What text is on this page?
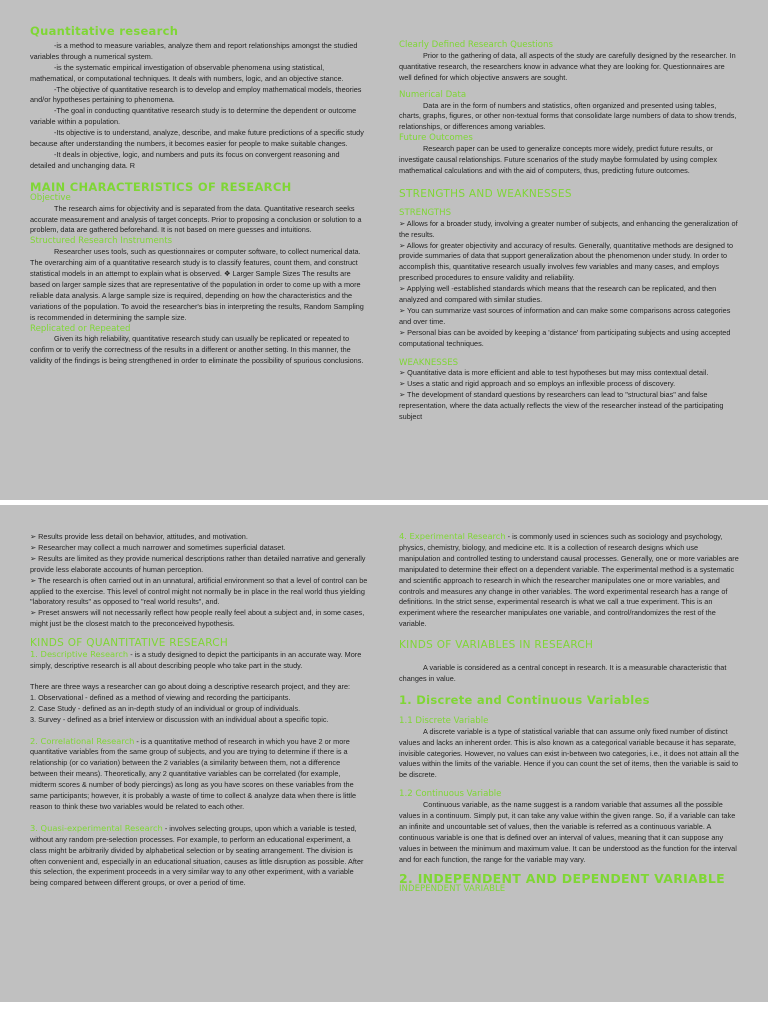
Quantitative research

-is a method to measure variables, analyze them and report relationships amongst the studied variables through a numerical system.

-is the systematic empirical investigation of observable phenomena using statistical, mathematical, or computational techniques. It deals with numbers, logic, and an objective stance.

-The objective of quantitative research is to develop and employ mathematical models, theories and/or hypotheses pertaining to phenomena.

-The goal in conducting quantitative research study is to determine the dependent or outcome variable within a population.

-Its objective is to understand, analyze, describe, and make future predictions of a specific study because after understanding the numbers, it becomes easier for people to make suitable changes.

-It deals in objective, logic, and numbers and puts its focus on convergent reasoning and detailed and unchanging data. R

MAIN CHARACTERISTICS OF RESEARCH

Objective

The research aims for objectivity and is separated from the data. Quantitative research seeks accurate measurement and analysis of target concepts. Prior to proposing a conclusion or solution to a problem, data are gathered beforehand. It is not based on mere guesses and intuitions.

Structured Research Instruments

Researcher uses tools, such as questionnaires or computer software, to collect numerical data. The overarching aim of a quantitative research study is to classify features, count them, and construct statistical models in an attempt to explain what is observed. ❖ Larger Sample Sizes The results are based on larger sample sizes that are representative of the population in order to come up with a more reliable data analysis. A large sample size is required, depending on how the characteristics and the variations of the population. To avoid the researcher's bias in interpreting the results, Random Sampling is recommended in determining the sample size.

Replicated or Repeated

Given its high reliability, quantitative research study can usually be replicated or repeated to confirm or to verify the correctness of the results in a different or another setting. In this manner, the validity of the findings is being strengthened in order to eliminate the possibility of spurious conclusions.

Clearly Defined Research Questions

Prior to the gathering of data, all aspects of the study are carefully designed by the researcher. In quantitative research, the researchers know in advance what they are looking for. Questionnaires are well defined for which objective answers are sought.

Numerical Data

Data are in the form of numbers and statistics, often organized and presented using tables, charts, graphs, figures, or other non-textual forms that consolidate large numbers of data to show trends, relationships, or differences among variables.

Future Outcomes

Research paper can be used to generalize concepts more widely, predict future results, or investigate causal relationships. Future scenarios of the study maybe formulated by using complex mathematical calculations and with the aid of computers, thus, predicting future outcomes.

STRENGTHS AND WEAKNESSES

STRENGTHS

➢ Allows for a broader study, involving a greater number of subjects, and enhancing the generalization of the results.

➢ Allows for greater objectivity and accuracy of results. Generally, quantitative methods are designed to provide summaries of data that support generalization about the phenomenon under study. In order to accomplish this, quantitative research usually involves few variables and many cases, and employs prescribed procedures to ensure validity and reliability.

➢ Applying well -established standards which means that the research can be replicated, and then analyzed and compared with similar studies.

➢ You can summarize vast sources of information and can make some comparisons across categories and over time.

➢ Personal bias can be avoided by keeping a 'distance' from participating subjects and using accepted computational techniques.

WEAKNESSES

➢ Quantitative data is more efficient and able to test hypotheses but may miss contextual detail.

➢ Uses a static and rigid approach and so employs an inflexible process of discovery.

➢ The development of standard questions by researchers can lead to "structural bias" and false representation, where the data actually reflects the view of the researcher instead of the participating subject

➢ Results provide less detail on behavior, attitudes, and motivation.

➢ Researcher may collect a much narrower and sometimes superficial dataset.

➢ Results are limited as they provide numerical descriptions rather than detailed narrative and generally provide less elaborate accounts of human perception.

➢ The research is often carried out in an unnatural, artificial environment so that a level of control can be applied to the exercise. This level of control might not normally be in place in the real world thus yielding "laboratory results" as opposed to "real world results", and.

➢ Preset answers will not necessarily reflect how people really feel about a subject and, in some cases, might just be the closest match to the preconceived hypothesis.

KINDS OF QUANTITATIVE RESEARCH

1. Descriptive Research - is a study designed to depict the participants in an accurate way. More simply, descriptive research is all about describing people who take part in the study.

There are three ways a researcher can go about doing a descriptive research project, and they are:

1. Observational - defined as a method of viewing and recording the participants.

2. Case Study - defined as an in-depth study of an individual or group of individuals.

3. Survey - defined as a brief interview or discussion with an individual about a specific topic.

2. Correlational Research - is a quantitative method of research in which you have 2 or more quantitative variables from the same group of subjects, and you are trying to determine if there is a relationship (or co variation) between the 2 variables (a similarity between them, not a difference between their means). Theoretically, any 2 quantitative variables can be correlated (for example, midterm scores & number of body piercings) as long as you have scores on these variables from the same participants; however, it is probably a waste of time to collect & analyze data when there is little reason to think these two variables would be related to each other.

3. Quasi-experimental Research - involves selecting groups, upon which a variable is tested, without any random pre-selection processes. For example, to perform an educational experiment, a class might be arbitrarily divided by alphabetical selection or by seating arrangement. The division is often convenient and, especially in an educational situation, causes as little disruption as possible. After this selection, the experiment proceeds in a very similar way to any other experiment, with a variable being compared between different groups, or over a period of time.

4. Experimental Research - is commonly used in sciences such as sociology and psychology, physics, chemistry, biology, and medicine etc. It is a collection of research designs which use manipulation and controlled testing to understand causal processes. Generally, one or more variables are manipulated to determine their effect on a dependent variable. The experimental method is a systematic and scientific approach to research in which the researcher manipulates one or more variables, and controls and measures any change in other variables. The word experimental research has a range of definitions. In the strict sense, experimental research is what we call a true experiment. This is an experiment where the researcher manipulates one variable, and control/randomizes the rest of the variable.

KINDS OF VARIABLES IN RESEARCH

A variable is considered as a central concept in research. It is a measurable characteristic that changes in value.

1. Discrete and Continuous Variables

1.1 Discrete Variable

A discrete variable is a type of statistical variable that can assume only fixed number of distinct values and lacks an inherent order. This is also known as a categorical variable because it has separate, invisible categories. However, no values can exist in-between two categories, i.e., it does not attain all the values within the limits of the variable. Hence if you can count the set of items, then the variable is said to be discrete.

1.2 Continuous Variable

Continuous variable, as the name suggest is a random variable that assumes all the possible values in a continuum. Simply put, it can take any value within the given range. So, if a variable can take an infinite and uncountable set of values, then the variable is referred as a continuous variable. A continuous variable is one that is defined over an interval of values, meaning that it can suppose any values in between the minimum and maximum value. It can be understood as the function for the interval and for each function, the range for the variable may vary.

2. INDEPENDENT AND DEPENDENT VARIABLE

INDEPENDENT VARIABLE
